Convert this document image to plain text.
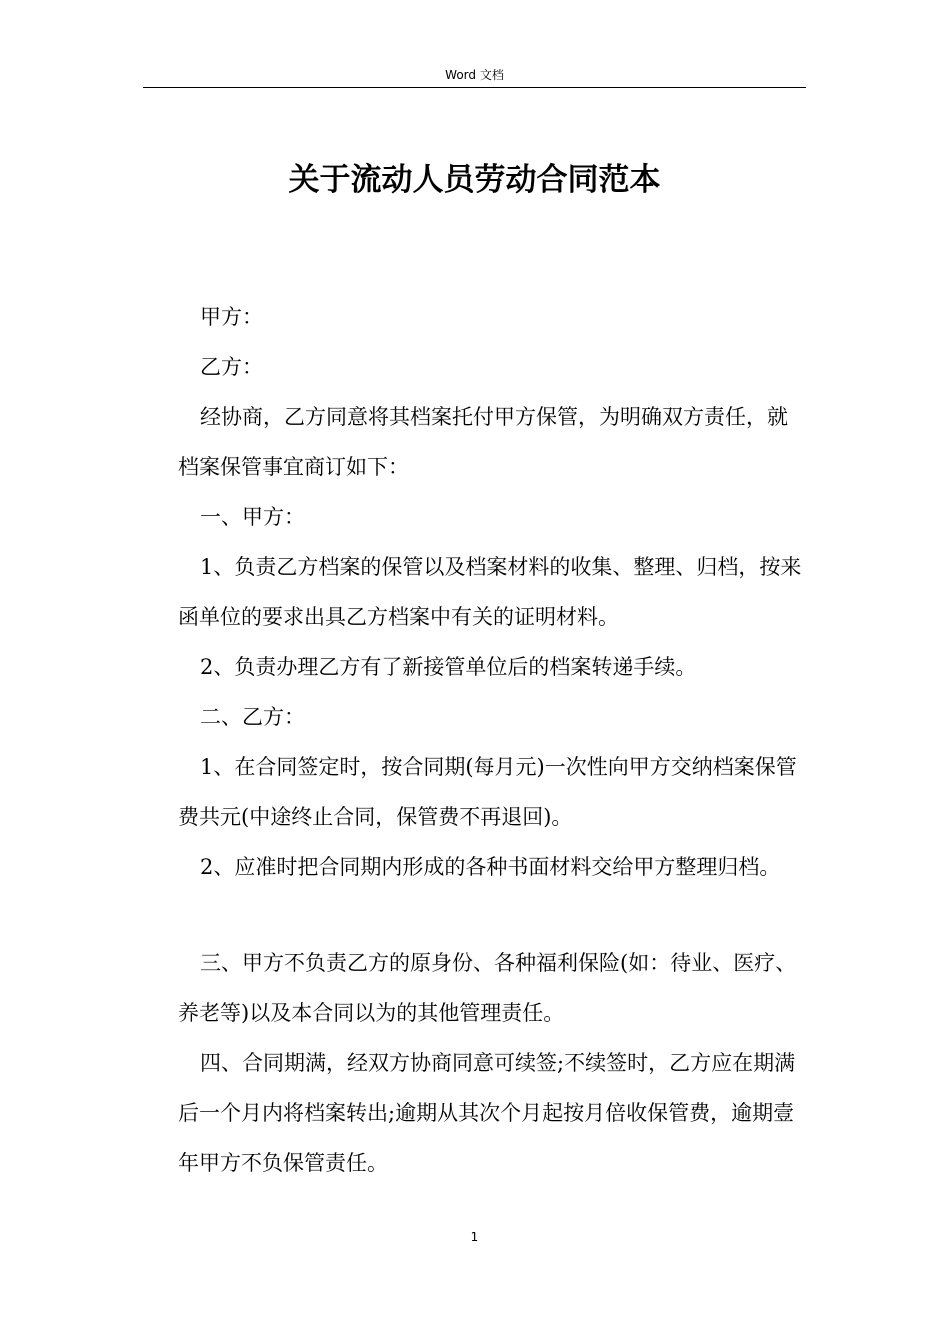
Word 文档
关于流动人员劳动合同范本

甲方：

乙方：

经协商，乙方同意将其档案托付甲方保管，为明确双方责任，就档案保管事宜商订如下：

一、甲方：

1、负责乙方档案的保管以及档案材料的收集、整理、归档，按来函单位的要求出具乙方档案中有关的证明材料。

2、负责办理乙方有了新接管单位后的档案转递手续。

二、乙方：

1、在合同签定时，按合同期(每月元)一次性向甲方交纳档案保管费共元(中途终止合同，保管费不再退回)。

2、应准时把合同期内形成的各种书面材料交给甲方整理归档。

三、甲方不负责乙方的原身份、各种福利保险(如：待业、医疗、养老等)以及本合同以为的其他管理责任。

四、合同期满，经双方协商同意可续签;不续签时，乙方应在期满后一个月内将档案转出;逾期从其次个月起按月倍收保管费，逾期壹年甲方不负保管责任。

1
